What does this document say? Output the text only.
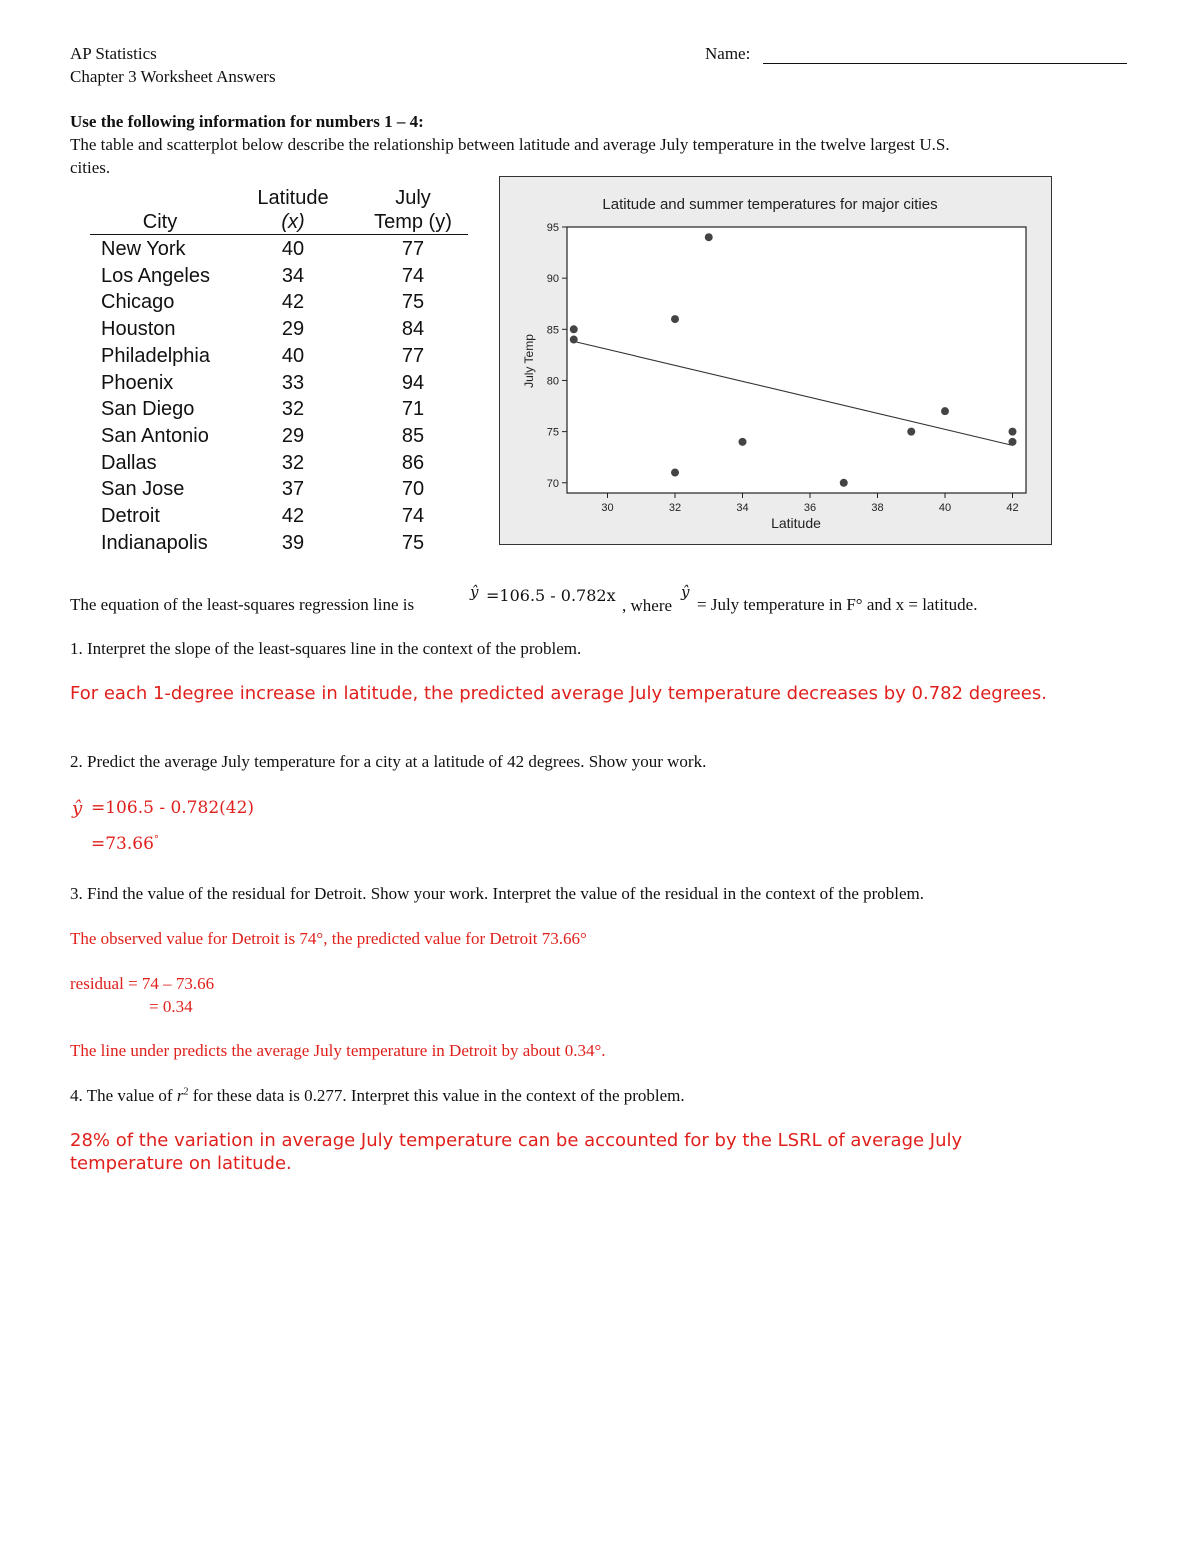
AP Statistics
Chapter 3 Worksheet Answers
Name:
Use the following information for numbers 1 – 4:
The table and scatterplot below describe the relationship between latitude and average July temperature in the twelve largest U.S.
cities.
City
Latitude
(x)
July
Temp (y)
New York	40	77
Los Angeles	34	74
Chicago	42	75
Houston	29	84
Philadelphia	40	77
Phoenix	33	94
San Diego	32	71
San Antonio	29	85
Dallas	32	86
San Jose	37	70
Detroit	42	74
Indianapolis	39	75
Latitude and summer temperatures for major cities
30	32	34	36	38	40	42
70
75
80
85
90
95
Latitude
July Temp
The equation of the least-squares regression line is
ŷ =106.5 - 0.782x
, where
ŷ
= July temperature in F° and x = latitude.
1. Interpret the slope of the least-squares line in the context of the problem.
For each 1-degree increase in latitude, the predicted average July temperature decreases by 0.782 degrees.
2. Predict the average July temperature for a city at a latitude of 42 degrees. Show your work.
ŷ =106.5 - 0.782(42)
=73.66°
3. Find the value of the residual for Detroit. Show your work. Interpret the value of the residual in the context of the problem.
The observed value for Detroit is 74°, the predicted value for Detroit 73.66°
residual = 74 – 73.66
= 0.34
The line under predicts the average July temperature in Detroit by about 0.34°.
4. The value of $r^2$ for these data is 0.277. Interpret this value in the context of the problem.
28% of the variation in average July temperature can be accounted for by the LSRL of average July temperature on latitude.
